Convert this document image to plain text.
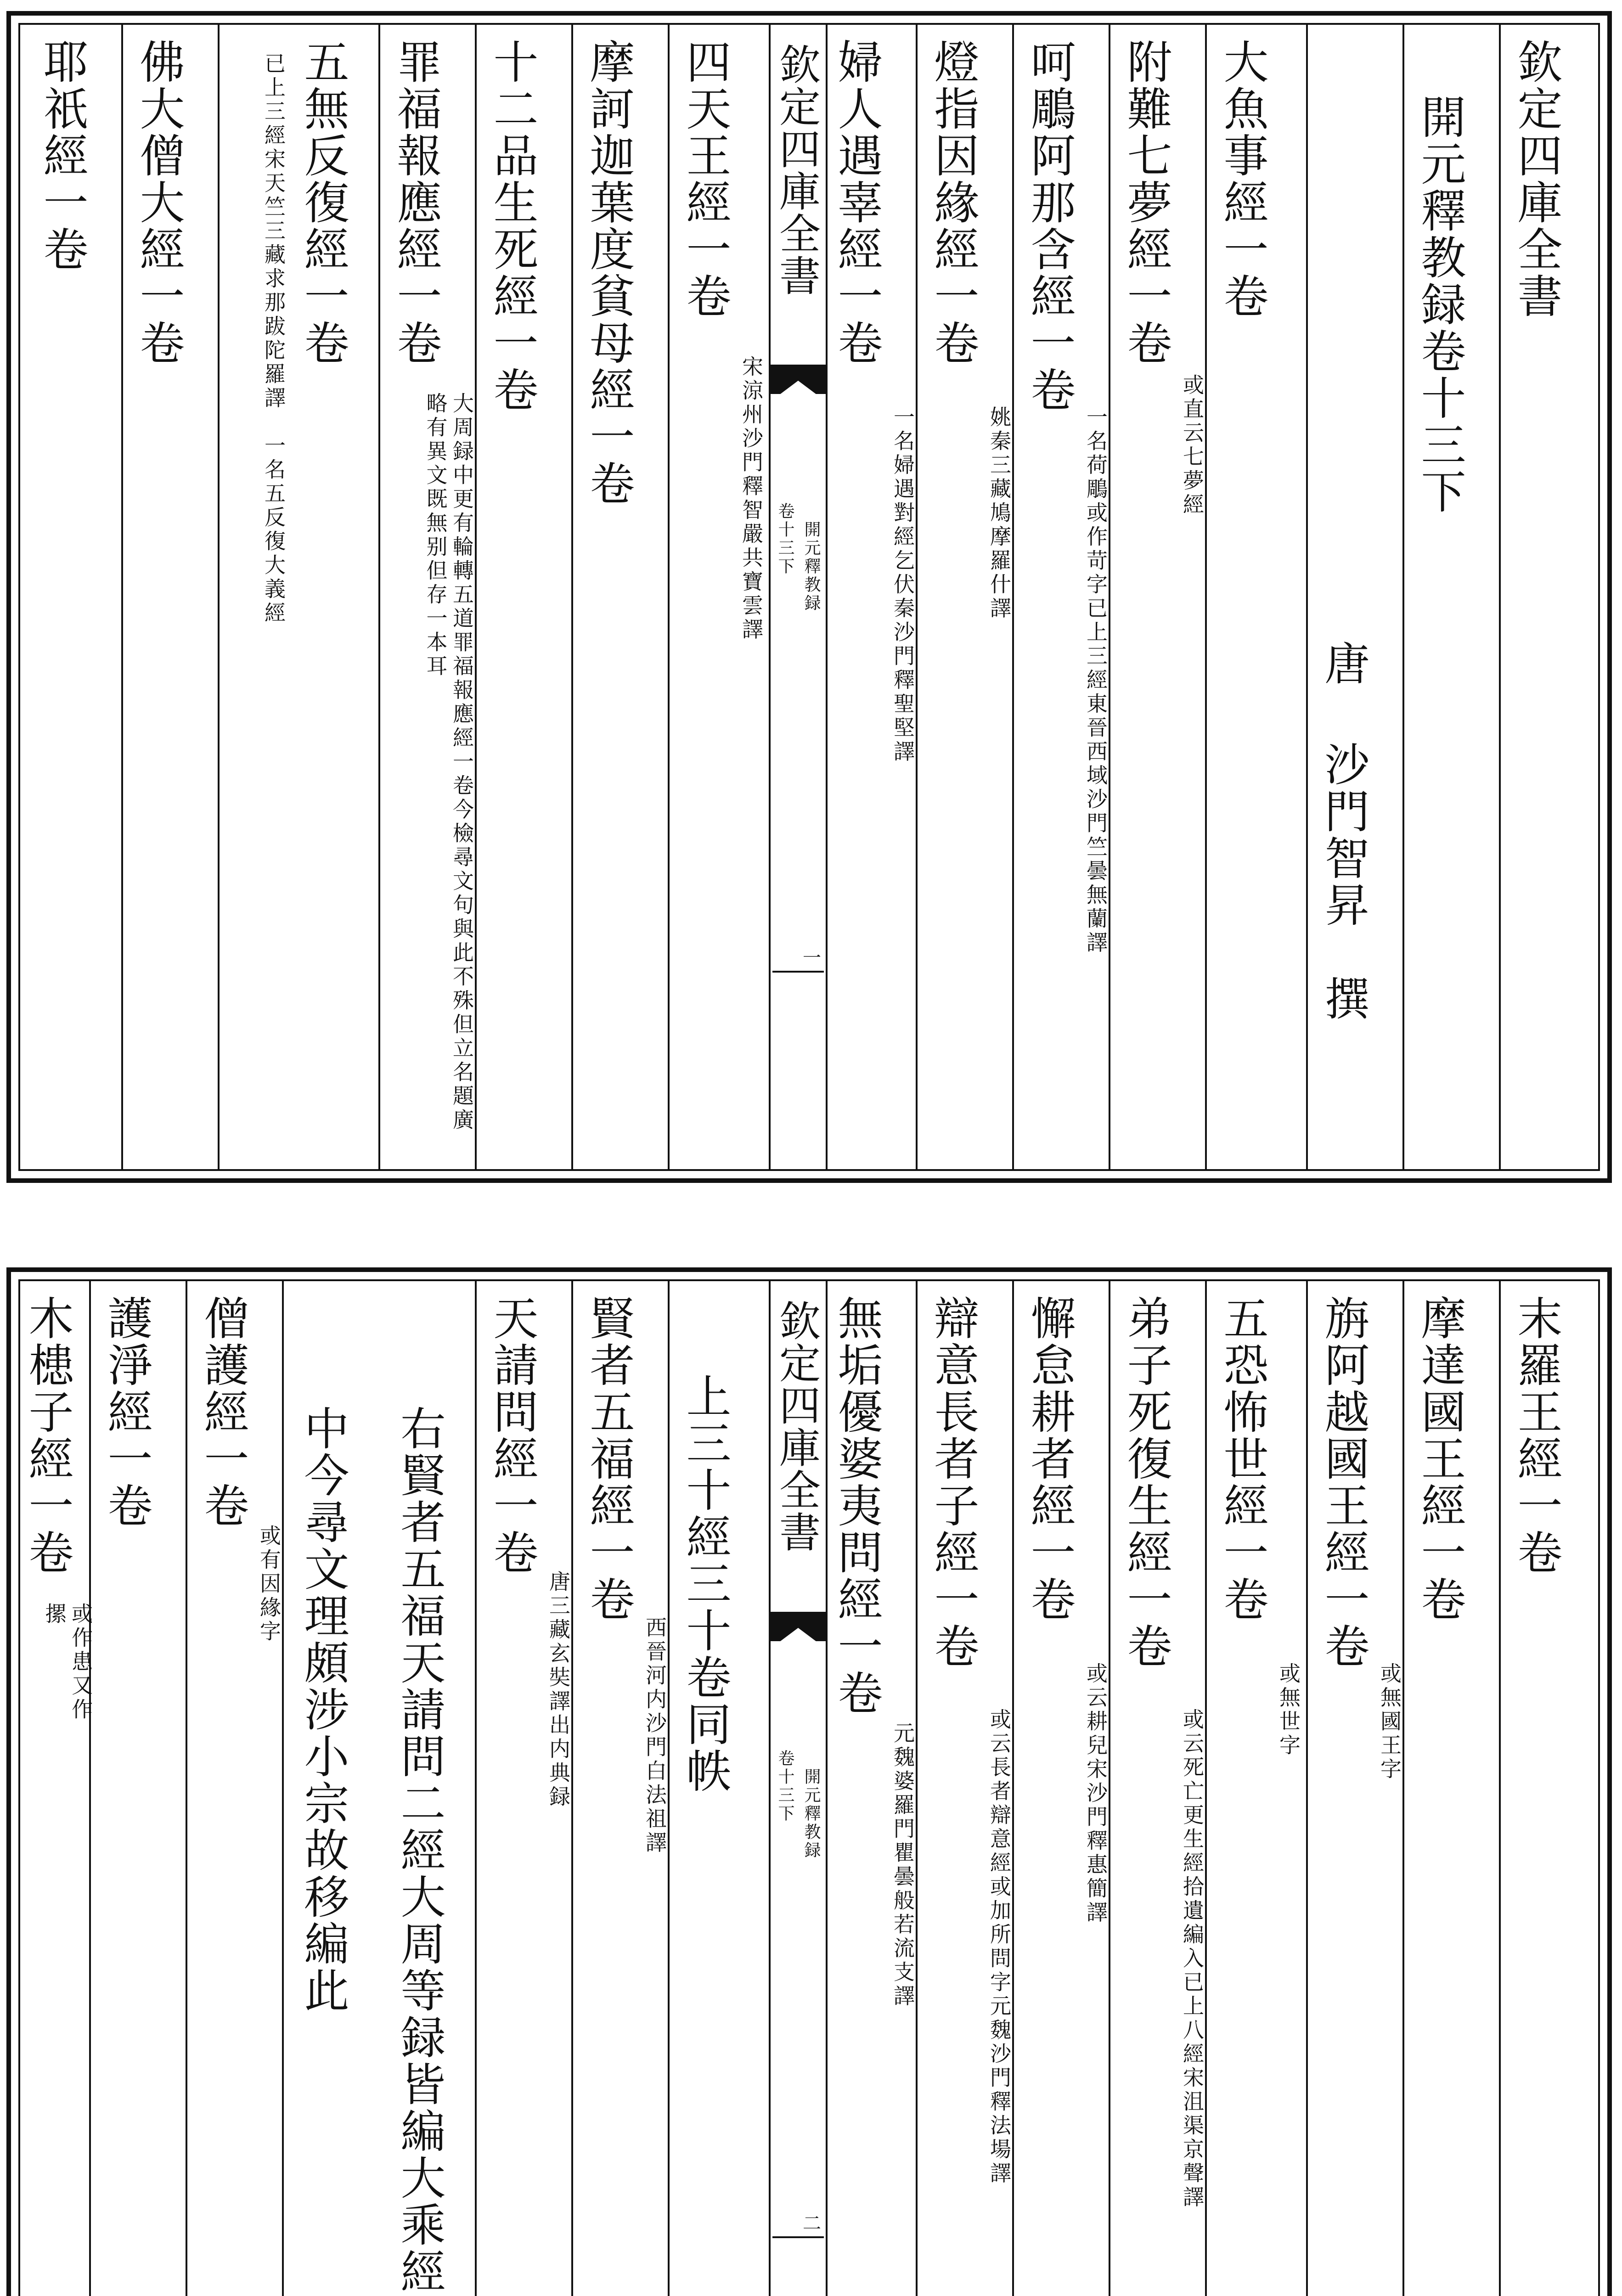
欽定四庫全書
開元釋教録卷十三下
唐
沙門智昇　撰
大魚事經一卷
附難七夢經一卷
或直云七夢經
呵鵰阿那含經一卷
一名荷鵰或作苛字已上三經東晉西域沙門竺曇無蘭譯
燈指因緣經一卷
姚秦三藏鳩摩羅什譯
婦人遇辜經一卷
一名婦遇對經乞伏秦沙門釋聖堅譯
欽定四庫全書
開元釋教録
卷十三下
一
四天王經一卷
宋涼州沙門釋智嚴共寶雲譯
摩訶迦葉度貧母經一卷
十二品生死經一卷
罪福報應經一卷
大周録中更有輪轉五道罪福報應經一卷今檢尋文句與此不殊但立名題廣略有異文既無别但存一本耳
五無反復經一卷
已上三經宋天竺三藏求那跋陀羅譯　一名五反復大義經
佛大僧大經一卷
耶祇經一卷
末羅王經一卷
摩達國王經一卷
旃阿越國王經一卷
或無國王字
五恐怖世經一卷
或無世字
弟子死復生經一卷
或云死亡更生經拾遺編入已上八經宋沮渠京聲譯
懈怠耕者經一卷
或云耕兒宋沙門釋惠簡譯
辯意長者子經一卷
或云長者辯意經或加所問字元魏沙門釋法場譯
無垢優婆夷問經一卷
元魏婆羅門瞿曇般若流支譯
欽定四庫全書
開元釋教録
卷十三下
二
上三十經三十卷同帙
賢者五福經一卷
西晉河内沙門白法祖譯
天請問經一卷
唐三藏玄奘譯出内典録
右賢者五福天請問二經大周等録皆編大乘經
中今尋文理頗涉小宗故移編此
僧護經一卷
或有因緣字
護淨經一卷
木槵子經一卷
或作患又作摞
